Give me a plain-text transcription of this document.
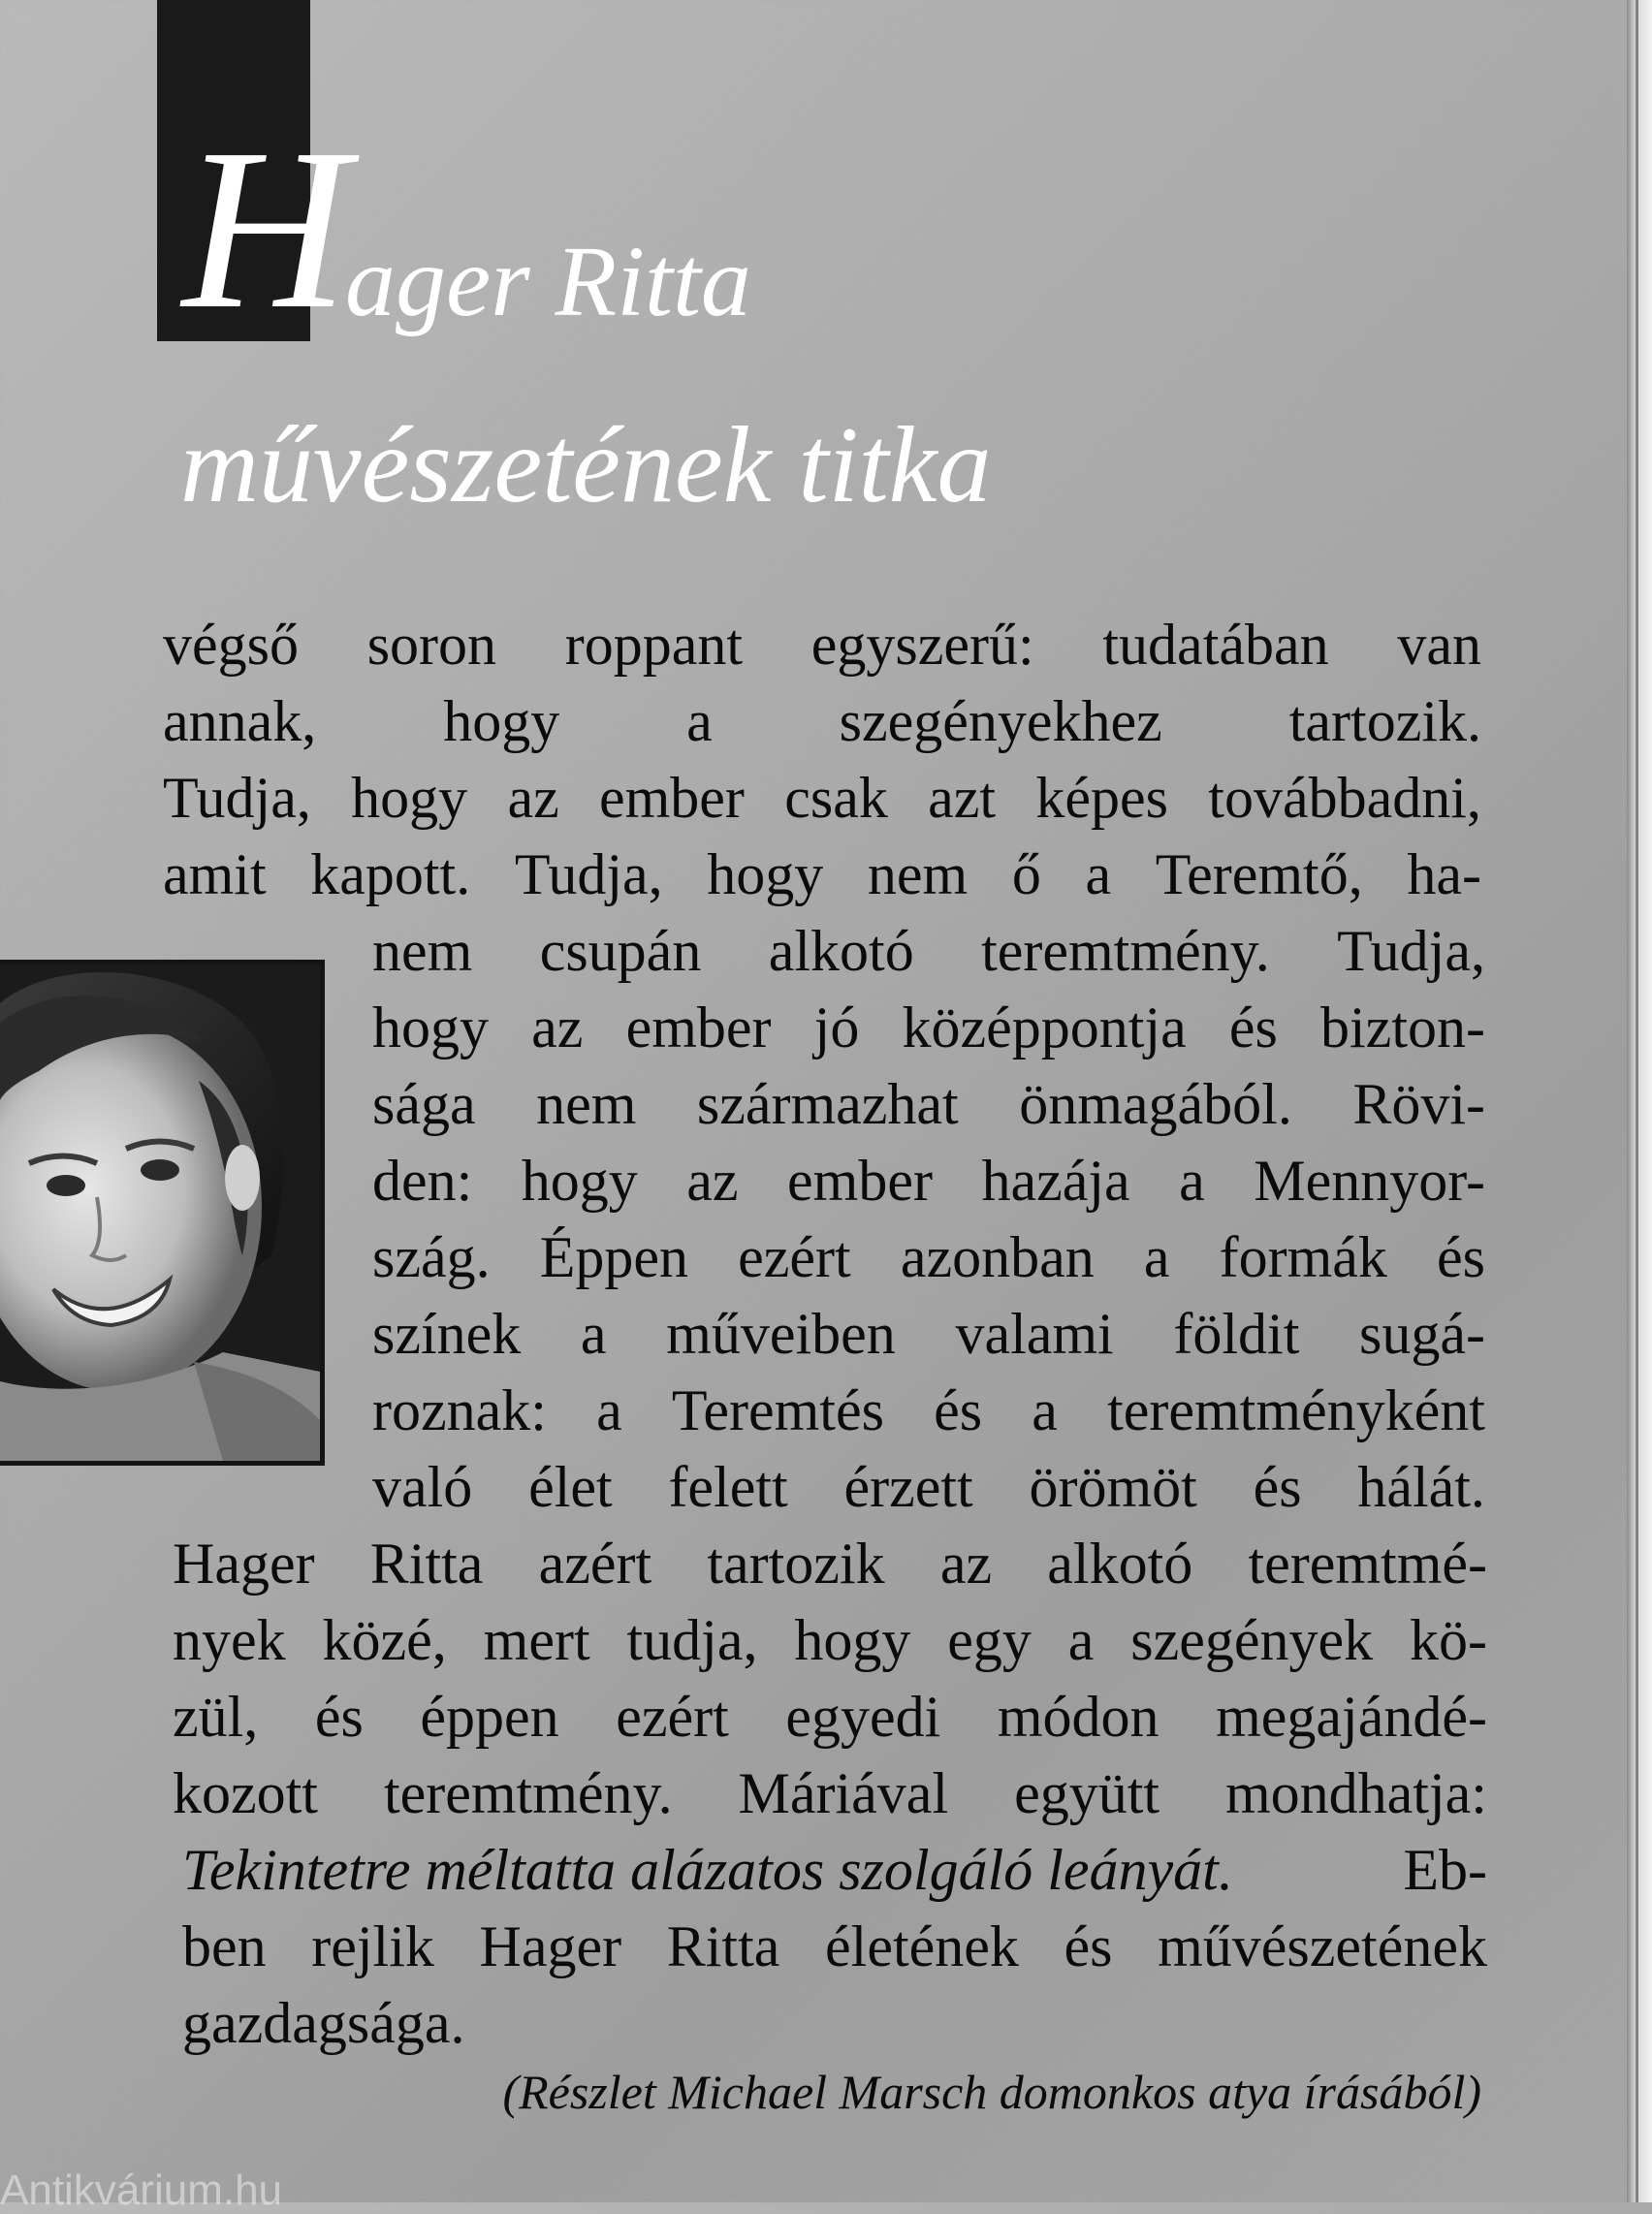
H ager Ritta
művészetének titka
végső soron roppant egyszerű: tudatában van
annak, hogy a szegényekhez tartozik.
Tudja, hogy az ember csak azt képes továbbadni,
amit kapott. Tudja, hogy nem ő a Teremtő, ha-
nem csupán alkotó teremtmény. Tudja,
hogy az ember jó középpontja és bizton-
sága nem származhat önmagából. Rövi-
den: hogy az ember hazája a Mennyor-
szág. Éppen ezért azonban a formák és
színek a műveiben valami földit sugá-
roznak: a Teremtés és a teremtményként
való élet felett érzett örömöt és hálát.
Hager Ritta azért tartozik az alkotó teremtmé-
nyek közé, mert tudja, hogy egy a szegények kö-
zül, és éppen ezért egyedi módon megajándé-
kozott teremtmény. Máriával együtt mondhatja:
Tekintetre méltatta alázatos szolgáló leányát.	Eb-
ben rejlik Hager Ritta életének és művészetének
gazdagsága.
(Részlet Michael Marsch domonkos atya írásából)
Antikvárium.hu
